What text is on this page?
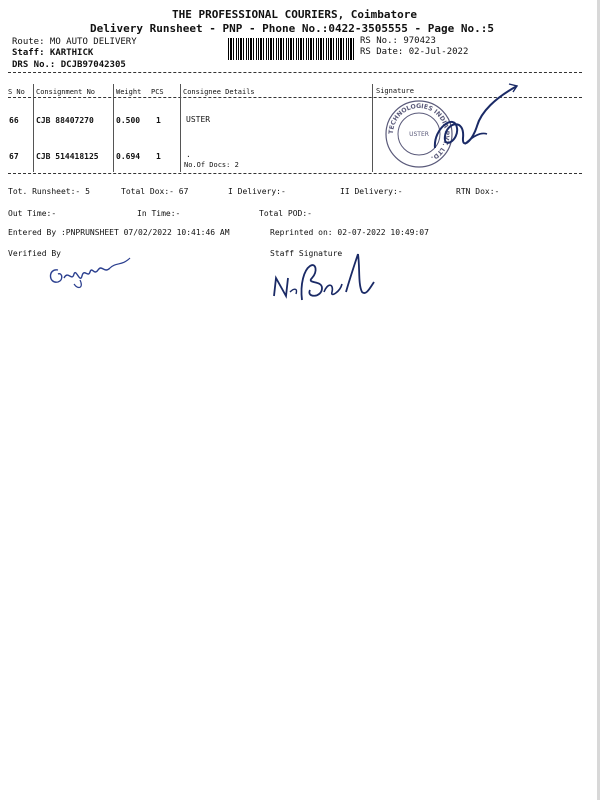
THE PROFESSIONAL COURIERS, Coimbatore
Delivery Runsheet - PNP - Phone No.:0422-3505555 - Page No.:5
Route: MO AUTO DELIVERY
Staff: KARTHICK
DRS No.: DCJB97042305
RS No.: 970423
RS Date: 02-Jul-2022
S No Consignment No	Weight PCS	Consignee Details	Signature
66 CJB 88407270	0.500 1	USTER
67 CJB 514418125 0.694 1	.
No.Of Docs: 2
TECHNOLOGIES INDIA PVT. LTD.
USTER
Tot. Runsheet:- 5	Total Dox:- 67	I Delivery:-	II Delivery:-	RTN Dox:-
Out Time:-	In Time:-	Total POD:-
Entered By :PNPRUNSHEET 07/02/2022 10:41:46 AM	Reprinted on: 02-07-2022 10:49:07
Verified By	Staff Signature
